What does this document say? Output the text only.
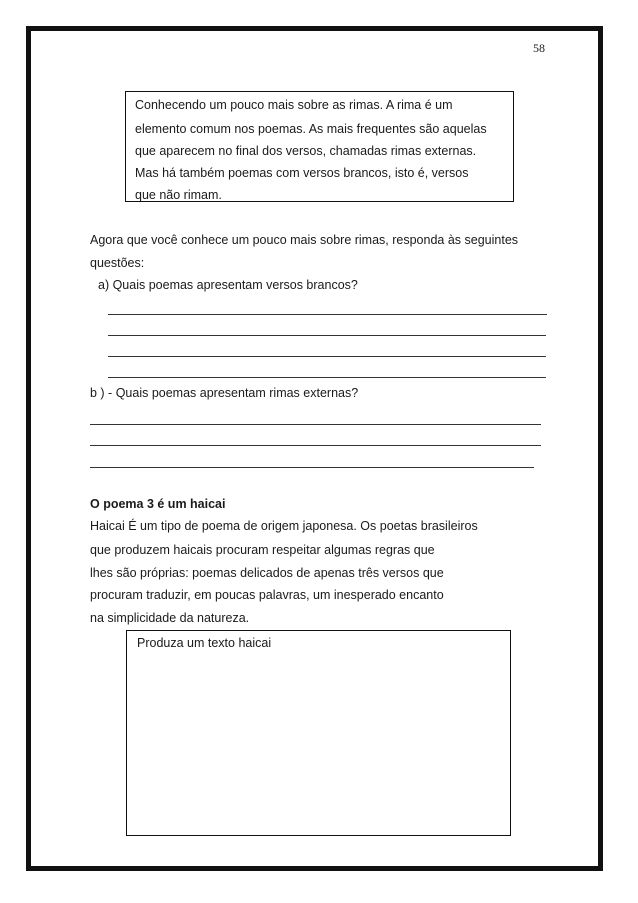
58
Conhecendo um pouco mais sobre as rimas. A rima é um
elemento comum nos poemas. As mais frequentes são aquelas
que aparecem no final dos versos, chamadas rimas externas.
Mas há também poemas com versos brancos, isto é, versos
que não rimam.
Agora que você conhece um pouco mais sobre rimas, responda às seguintes
questões:
a) Quais poemas apresentam versos brancos?
b ) - Quais poemas apresentam rimas externas?
O poema 3 é um haicai
Haicai É um tipo de poema de origem japonesa. Os poetas brasileiros
que produzem haicais procuram respeitar algumas regras que
lhes são próprias: poemas delicados de apenas três versos que
procuram traduzir, em poucas palavras, um inesperado encanto
na simplicidade da natureza.
Produza um texto haicai
